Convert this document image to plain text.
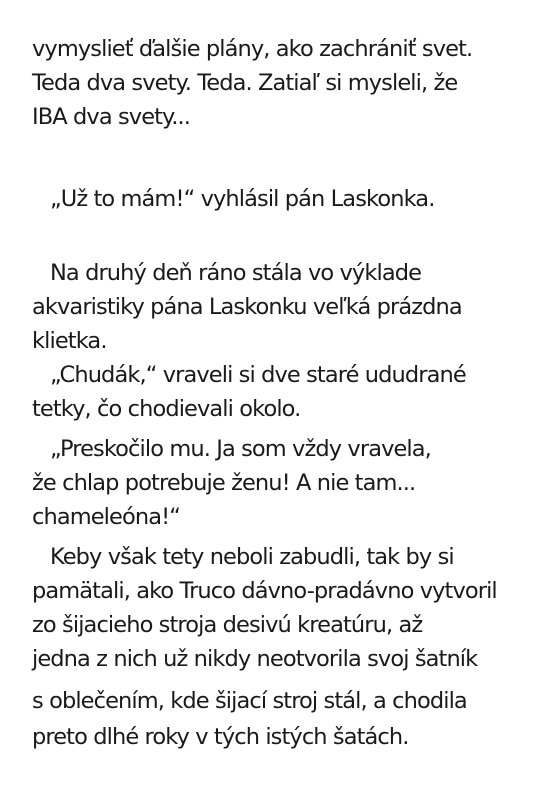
vymyslieť ďalšie plány, ako zachrániť svet.
Teda dva svety. Teda. Zatiaľ si mysleli, že
IBA dva svety...
„Už to mám!“ vyhlásil pán Laskonka.
Na druhý deň ráno stála vo výklade
akvaristiky pána Laskonku veľká prázdna
klietka.
„Chudák,“ vraveli si dve staré ududrané
tetky, čo chodievali okolo.
„Preskočilo mu. Ja som vždy vravela,
že chlap potrebuje ženu! A nie tam...
chameleóna!“
Keby však tety neboli zabudli, tak by si
pamätali, ako Truco dávno-pradávno vytvoril
zo šijacieho stroja desivú kreatúru, až
jedna z nich už nikdy neotvorila svoj šatník
s oblečením, kde šijací stroj stál, a chodila
preto dlhé roky v tých istých šatách.
